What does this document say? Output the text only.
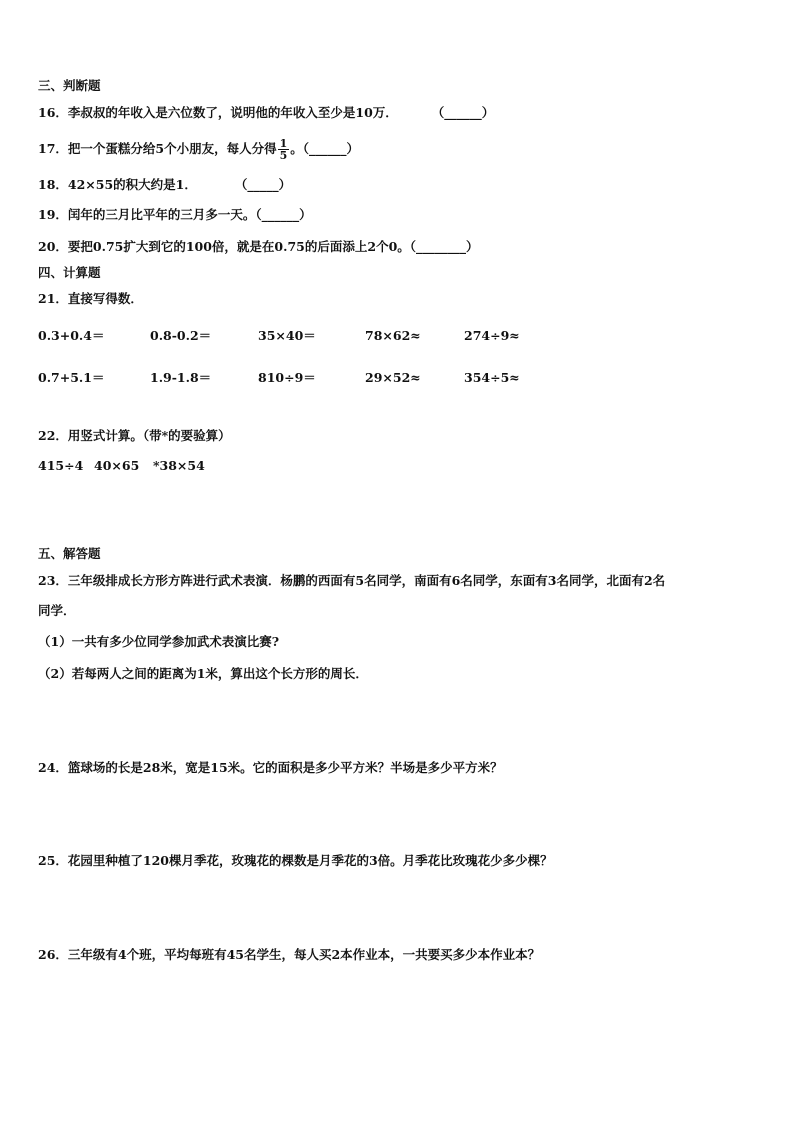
三、判断题
16．李叔叔的年收入是六位数了，说明他的年收入至少是10万．	（______）
17．把一个蛋糕分给5个小朋友，每人分得 $\frac{1}{5}$ 。（______）
18．42×55的积大约是1．	（_____）
19．闰年的三月比平年的三月多一天。（______）
20．要把0.75扩大到它的100倍，就是在0.75的后面添上2个0。（________）
四、计算题
21．直接写得数．
0.3+0.4＝	0.8-0.2＝	35×40＝	78×62≈	274÷9≈
0.7+5.1＝	1.9-1.8＝	810÷9＝	29×52≈	354÷5≈
22．用竖式计算。（带*的要验算）
415÷4 40×65 *38×54
五、解答题
23．三年级排成长方形方阵进行武术表演．杨鹏的西面有5名同学，南面有6名同学，东面有3名同学，北面有2名
同学．
（1）一共有多少位同学参加武术表演比赛?
（2）若每两人之间的距离为1米，算出这个长方形的周长．
24．篮球场的长是28米，宽是15米。它的面积是多少平方米？半场是多少平方米？
25．花园里种植了120棵月季花，玫瑰花的棵数是月季花的3倍。月季花比玫瑰花少多少棵？
26．三年级有4个班，平均每班有45名学生，每人买2本作业本，一共要买多少本作业本？
